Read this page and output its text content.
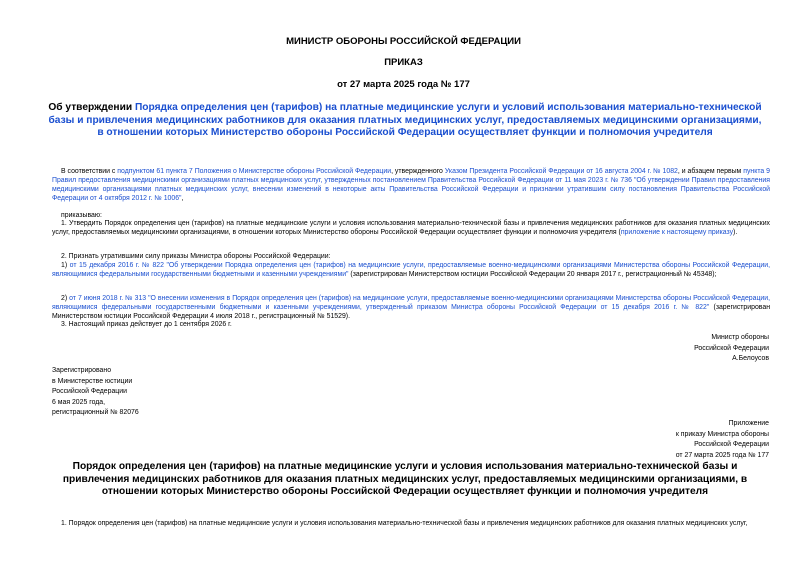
МИНИСТР ОБОРОНЫ РОССИЙСКОЙ ФЕДЕРАЦИИ
ПРИКАЗ
от 27 марта 2025 года № 177
Об утверждении Порядка определения цен (тарифов) на платные медицинские услуги и условий использования материально-технической базы и привлечения медицинских работников для оказания платных медицинских услуг, предоставляемых медицинскими организациями, в отношении которых Министерство обороны Российской Федерации осуществляет функции и полномочия учредителя
В соответствии с подпунктом 61 пункта 7 Положения о Министерстве обороны Российской Федерации, утвержденного Указом Президента Российской Федерации от 16 августа 2004 г. № 1082, и абзацем первым пункта 9 Правил предоставления медицинскими организациями платных медицинских услуг, утвержденных постановлением Правительства Российской Федерации от 11 мая 2023 г. № 736 "Об утверждении Правил предоставления медицинскими организациями платных медицинских услуг, внесении изменений в некоторые акты Правительства Российской Федерации и признании утратившим силу постановления Правительства Российской Федерации от 4 октября 2012 г. № 1006",
приказываю:
1. Утвердить Порядок определения цен (тарифов) на платные медицинские услуги и условия использования материально-технической базы и привлечения медицинских работников для оказания платных медицинских услуг, предоставляемых медицинскими организациями, в отношении которых Министерство обороны Российской Федерации осуществляет функции и полномочия учредителя (приложение к настоящему приказу).
2. Признать утратившими силу приказы Министра обороны Российской Федерации:
1) от 15 декабря 2016 г. № 822 "Об утверждении Порядка определения цен (тарифов) на медицинские услуги, предоставляемые военно-медицинскими организациями Министерства обороны Российской Федерации, являющимися федеральными государственными бюджетными и казенными учреждениями" (зарегистрирован Министерством юстиции Российской Федерации 20 января 2017 г., регистрационный № 45348);
2) от 7 июня 2018 г. № 313 "О внесении изменения в Порядок определения цен (тарифов) на медицинские услуги, предоставляемые военно-медицинскими организациями Министерства обороны Российской Федерации, являющимися федеральными государственными бюджетными и казенными учреждениями, утвержденный приказом Министра обороны Российской Федерации от 15 декабря 2016 г. № 822" (зарегистрирован Министерством юстиции Российской Федерации 4 июля 2018 г., регистрационный № 51529).
3. Настоящий приказ действует до 1 сентября 2026 г.
Министр обороны
Российской Федерации
А.Белоусов
Зарегистрировано
в Министерстве юстиции
Российской Федерации
6 мая 2025 года,
регистрационный № 82076
Приложение
к приказу Министра обороны
Российской Федерации
от 27 марта 2025 года № 177
Порядок определения цен (тарифов) на платные медицинские услуги и условия использования материально-технической базы и привлечения медицинских работников для оказания платных медицинских услуг, предоставляемых медицинскими организациями, в отношении которых Министерство обороны Российской Федерации осуществляет функции и полномочия учредителя
1. Порядок определения цен (тарифов) на платные медицинские услуги и условия использования материально-технической базы и привлечения медицинских работников для оказания платных медицинских услуг,
